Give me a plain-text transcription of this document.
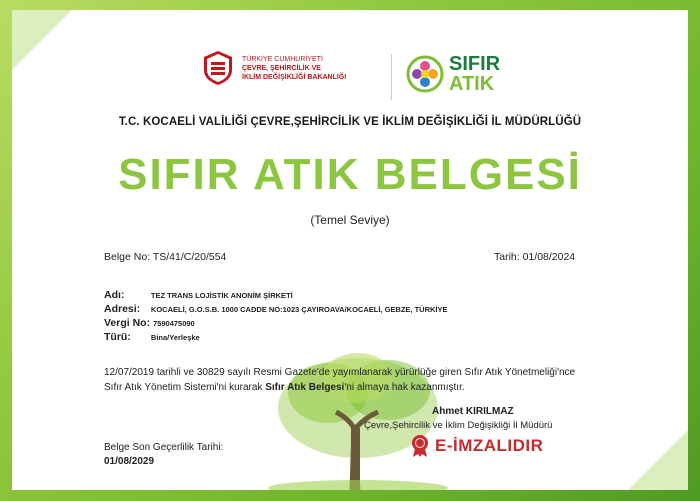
TÜRKİYE CUMHURİYETİ
ÇEVRE, ŞEHİRCİLİK VE
İKLİM DEĞİŞİKLİĞİ BAKANLIĞI
SIFIR
ATIK
T.C. KOCAELİ VALİLİĞİ ÇEVRE,ŞEHİRCİLİK VE İKLİM DEĞİŞİKLİĞİ İL MÜDÜRLÜĞÜ
SIFIR ATIK BELGESİ
(Temel Seviye)
Belge No: TS/41/C/20/554	Tarih: 01/08/2024
Adı:	TEZ TRANS LOJİSTİK ANONİM ŞİRKETİ
Adresi: KOCAELİ, G.O.S.B. 1000 CADDE NO:1023 ÇAYIROAVA/KOCAELİ, GEBZE, TÜRKİYE
Vergi No: 7590475090
Türü:	Bina/Yerleşke
12/07/2019 tarihli ve 30829 sayılı Resmi Gazete'de yayımlanarak yürürlüğe giren Sıfır Atık Yönetmeliği'nce Sıfır Atık Yönetim Sistemi'ni kurarak Sıfır Atık Belgesi'ni almaya hak kazanmıştır.
Ahmet KIRILMAZ
Çevre,Şehircilik ve İklim Değişikliği İl Müdürü
E-İMZALIDIR
Belge Son Geçerlilik Tarihi:
01/08/2029
